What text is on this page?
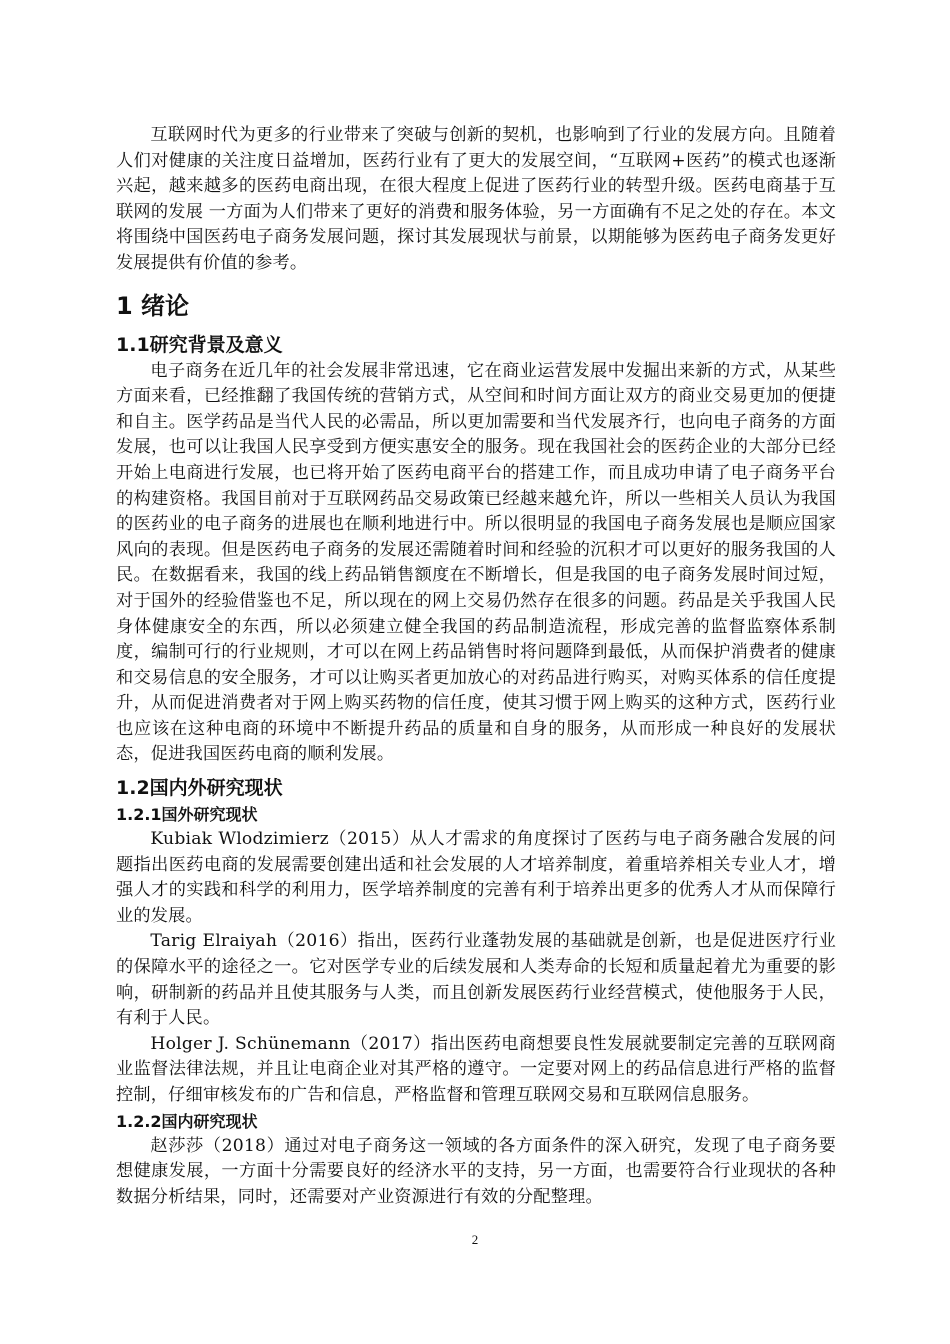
互联网时代为更多的行业带来了突破与创新的契机，也影响到了行业的发展方向。且随着人们对健康的关注度日益增加，医药行业有了更大的发展空间，“互联网+医药”的模式也逐渐兴起，越来越多的医药电商出现，在很大程度上促进了医药行业的转型升级。医药电商基于互联网的发展 一方面为人们带来了更好的消费和服务体验，另一方面确有不足之处的存在。本文将围绕中国医药电子商务发展问题，探讨其发展现状与前景，以期能够为医药电子商务发更好发展提供有价值的参考。

1 绪论
1.1研究背景及意义

电子商务在近几年的社会发展非常迅速，它在商业运营发展中发掘出来新的方式，从某些方面来看，已经推翻了我国传统的营销方式，从空间和时间方面让双方的商业交易更加的便捷和自主。医学药品是当代人民的必需品，所以更加需要和当代发展齐行，也向电子商务的方面发展，也可以让我国人民享受到方便实惠安全的服务。现在我国社会的医药企业的大部分已经开始上电商进行发展，也已将开始了医药电商平台的搭建工作，而且成功申请了电子商务平台的构建资格。我国目前对于互联网药品交易政策已经越来越允许，所以一些相关人员认为我国的医药业的电子商务的进展也在顺利地进行中。所以很明显的我国电子商务发展也是顺应国家风向的表现。但是医药电子商务的发展还需随着时间和经验的沉积才可以更好的服务我国的人民。在数据看来，我国的线上药品销售额度在不断增长，但是我国的电子商务发展时间过短，对于国外的经验借鉴也不足，所以现在的网上交易仍然存在很多的问题。药品是关乎我国人民身体健康安全的东西，所以必须建立健全我国的药品制造流程，形成完善的监督监察体系制度，编制可行的行业规则，才可以在网上药品销售时将问题降到最低，从而保护消费者的健康和交易信息的安全服务，才可以让购买者更加放心的对药品进行购买，对购买体系的信任度提升，从而促进消费者对于网上购买药物的信任度，使其习惯于网上购买的这种方式，医药行业也应该在这种电商的环境中不断提升药品的质量和自身的服务，从而形成一种良好的发展状态，促进我国医药电商的顺利发展。

1.2国内外研究现状
1.2.1国外研究现状

Kubiak Wlodzimierz（2015）从人才需求的角度探讨了医药与电子商务融合发展的问题指出医药电商的发展需要创建出适和社会发展的人才培养制度，着重培养相关专业人才，增强人才的实践和科学的利用力，医学培养制度的完善有利于培养出更多的优秀人才从而保障行业的发展。

Tarig Elraiyah（2016）指出，医药行业蓬勃发展的基础就是创新，也是促进医疗行业的保障水平的途径之一。它对医学专业的后续发展和人类寿命的长短和质量起着尤为重要的影响，研制新的药品并且使其服务与人类，而且创新发展医药行业经营模式，使他服务于人民，有利于人民。

Holger J. Schünemann（2017）指出医药电商想要良性发展就要制定完善的互联网商业监督法律法规，并且让电商企业对其严格的遵守。一定要对网上的药品信息进行严格的监督控制，仔细审核发布的广告和信息，严格监督和管理互联网交易和互联网信息服务。

1.2.2国内研究现状

赵莎莎（2018）通过对电子商务这一领域的各方面条件的深入研究，发现了电子商务要想健康发展，一方面十分需要良好的经济水平的支持，另一方面，也需要符合行业现状的各种数据分析结果，同时，还需要对产业资源进行有效的分配整理。

2
